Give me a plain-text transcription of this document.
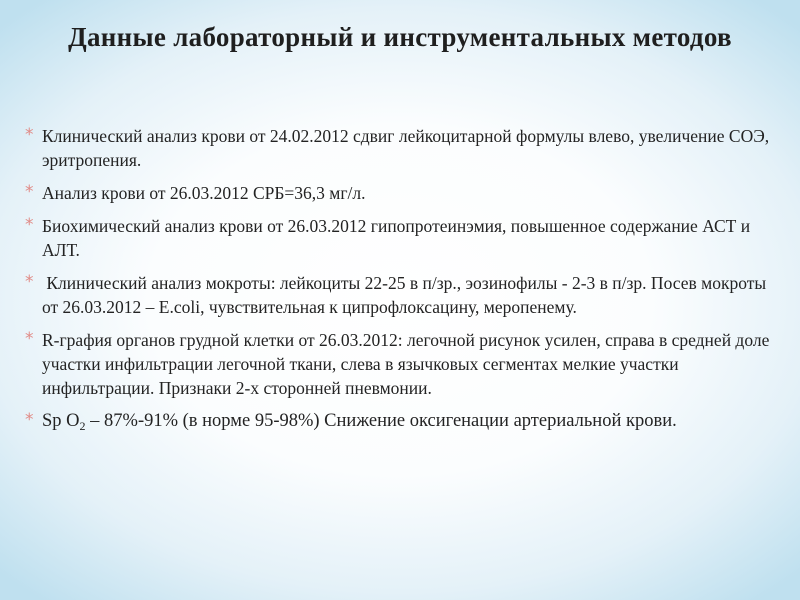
Данные лабораторный и инструментальных методов
* Клинический анализ крови от 24.02.2012 сдвиг лейкоцитарной формулы влево, увеличение СОЭ, эритропения.
* Анализ крови от 26.03.2012 СРБ=36,3 мг/л.
* Биохимический анализ крови от 26.03.2012 гипопротеинэмия, повышенное содержание АСТ и АЛТ.
* Клинический анализ мокроты: лейкоциты 22-25 в п/зр., эозинофилы - 2-3 в п/зр. Посев мокроты от 26.03.2012 – E.coli, чувствительная к ципрофлоксацину, меропенему.
* R-графия органов грудной клетки от 26.03.2012: легочной рисунок усилен, справа в средней доле участки инфильтрации легочной ткани, слева в язычковых сегментах мелкие участки инфильтрации. Признаки 2-х сторонней пневмонии.
* Sp $O_2 - 87\%-91\%$ (в норме 95-98%) Снижение оксигенации артериальной крови.
